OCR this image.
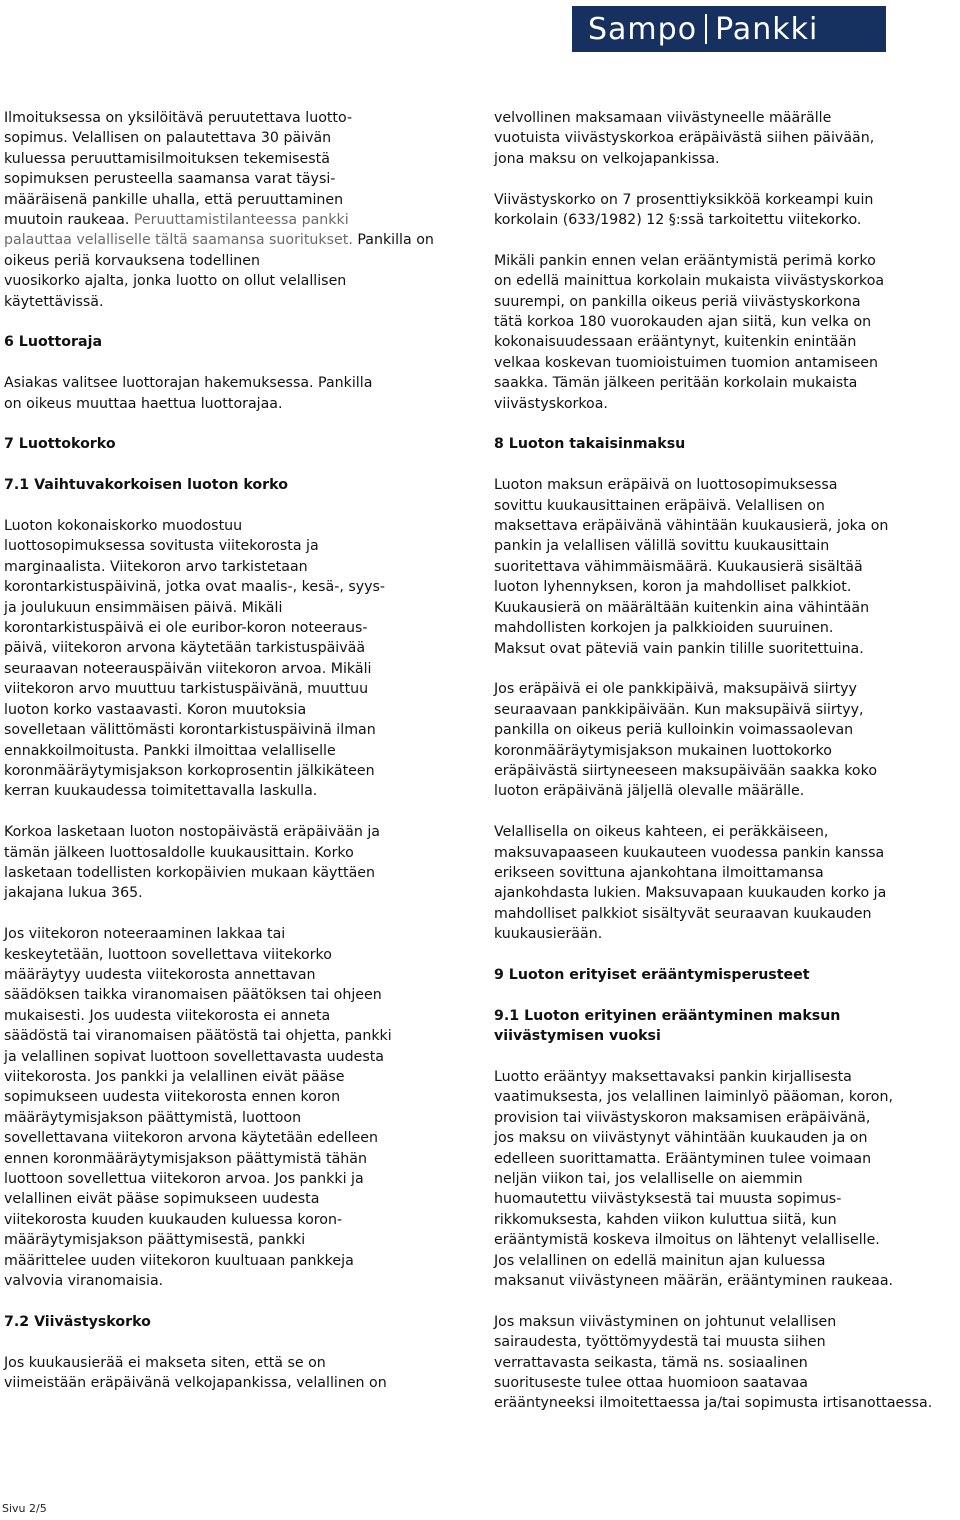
Sampo Pankki
Ilmoituksessa on yksilöitävä peruutettava luotto-
sopimus. Velallisen on palautettava 30 päivän
kuluessa peruuttamisilmoituksen tekemisestä
sopimuksen perusteella saamansa varat täysi-
määräisenä pankille uhalla, että peruuttaminen
muutoin raukeaa. Peruuttamistilanteessa pankki
palauttaa velalliselle tältä saamansa suoritukset. Pankilla on oikeus periä korvauksena todellinen
vuosikorko ajalta, jonka luotto on ollut velallisen
käytettävissä.
6 Luottoraja
Asiakas valitsee luottorajan hakemuksessa. Pankilla
on oikeus muuttaa haettua luottorajaa.
7 Luottokorko
7.1 Vaihtuvakorkoisen luoton korko
Luoton kokonaiskorko muodostuu
luottosopimuksessa sovitusta viitekorosta ja
marginaalista. Viitekoron arvo tarkistetaan
korontarkistuspäivinä, jotka ovat maalis-, kesä-, syys-
ja joulukuun ensimmäisen päivä. Mikäli
korontarkistuspäivä ei ole euribor-koron noteeraus-
päivä, viitekoron arvona käytetään tarkistuspäivää
seuraavan noteerauspäivän viitekoron arvoa. Mikäli
viitekoron arvo muuttuu tarkistuspäivänä, muuttuu
luoton korko vastaavasti. Koron muutoksia
sovelletaan välittömästi korontarkistuspäivinä ilman
ennakkoilmoitusta. Pankki ilmoittaa velalliselle
koronmääräytymisjakson korkoprosentin jälkikäteen
kerran kuukaudessa toimitettavalla laskulla.
Korkoa lasketaan luoton nostopäivästä eräpäivään ja
tämän jälkeen luottosaldolle kuukausittain. Korko
lasketaan todellisten korkopäivien mukaan käyttäen
jakajana lukua 365.
Jos viitekoron noteeraaminen lakkaa tai
keskeytetään, luottoon sovellettava viitekorko
määräytyy uudesta viitekorosta annettavan
säädöksen taikka viranomaisen päätöksen tai ohjeen
mukaisesti. Jos uudesta viitekorosta ei anneta
säädöstä tai viranomaisen päätöstä tai ohjetta, pankki
ja velallinen sopivat luottoon sovellettavasta uudesta
viitekorosta. Jos pankki ja velallinen eivät pääse
sopimukseen uudesta viitekorosta ennen koron
määräytymisjakson päättymistä, luottoon
sovellettavana viitekoron arvona käytetään edelleen
ennen koronmääräytymisjakson päättymistä tähän
luottoon sovellettua viitekoron arvoa. Jos pankki ja
velallinen eivät pääse sopimukseen uudesta
viitekorosta kuuden kuukauden kuluessa koron-
määräytymisjakson päättymisestä, pankki
määrittelee uuden viitekoron kuultuaan pankkeja
valvovia viranomaisia.
7.2 Viivästyskorko
Jos kuukausierää ei makseta siten, että se on
viimeistään eräpäivänä velkojapankissa, velallinen on
velvollinen maksamaan viivästyneelle määrälle
vuotuista viivästyskorkoa eräpäivästä siihen päivään,
jona maksu on velkojapankissa.
Viivästyskorko on 7 prosenttiyksikköä korkeampi kuin
korkolain (633/1982) 12 §:ssä tarkoitettu viitekorko.
Mikäli pankin ennen velan erääntymistä perimä korko
on edellä mainittua korkolain mukaista viivästyskorkoa
suurempi, on pankilla oikeus periä viivästyskorkona
tätä korkoa 180 vuorokauden ajan siitä, kun velka on
kokonaisuudessaan erääntynyt, kuitenkin enintään
velkaa koskevan tuomioistuimen tuomion antamiseen
saakka. Tämän jälkeen peritään korkolain mukaista
viivästyskorkoa.
8 Luoton takaisinmaksu
Luoton maksun eräpäivä on luottosopimuksessa
sovittu kuukausittainen eräpäivä. Velallisen on
maksettava eräpäivänä vähintään kuukausierä, joka on
pankin ja velallisen välillä sovittu kuukausittain
suoritettava vähimmäismäärä. Kuukausierä sisältää
luoton lyhennyksen, koron ja mahdolliset palkkiot.
Kuukausierä on määrältään kuitenkin aina vähintään
mahdollisten korkojen ja palkkioiden suuruinen.
Maksut ovat päteviä vain pankin tilille suoritettuina.
Jos eräpäivä ei ole pankkipäivä, maksupäivä siirtyy
seuraavaan pankkipäivään. Kun maksupäivä siirtyy,
pankilla on oikeus periä kulloinkin voimassaolevan
koronmääräytymisjakson mukainen luottokorko
eräpäivästä siirtyneeseen maksupäivään saakka koko
luoton eräpäivänä jäljellä olevalle määrälle.
Velallisella on oikeus kahteen, ei peräkkäiseen,
maksuvapaaseen kuukauteen vuodessa pankin kanssa
erikseen sovittuna ajankohtana ilmoittamansa
ajankohdasta lukien. Maksuvapaan kuukauden korko ja
mahdolliset palkkiot sisältyvät seuraavan kuukauden
kuukausierään.
9 Luoton erityiset erääntymisperusteet
9.1 Luoton erityinen erääntyminen maksun
viivästymisen vuoksi
Luotto erääntyy maksettavaksi pankin kirjallisesta
vaatimuksesta, jos velallinen laiminlyö pääoman, koron,
provision tai viivästyskoron maksamisen eräpäivänä,
jos maksu on viivästynyt vähintään kuukauden ja on
edelleen suorittamatta. Erääntyminen tulee voimaan
neljän viikon tai, jos velalliselle on aiemmin
huomautettu viivästyksestä tai muusta sopimus-
rikkomuksesta, kahden viikon kuluttua siitä, kun
erääntymistä koskeva ilmoitus on lähtenyt velalliselle.
Jos velallinen on edellä mainitun ajan kuluessa
maksanut viivästyneen määrän, erääntyminen raukeaa.
Jos maksun viivästyminen on johtunut velallisen
sairaudesta, työttömyydestä tai muusta siihen
verrattavasta seikasta, tämä ns. sosiaalinen
suorituseste tulee ottaa huomioon saatavaa
erääntyneeksi ilmoitettaessa ja/tai sopimusta irtisanottaessa.
Sivu 2/5
